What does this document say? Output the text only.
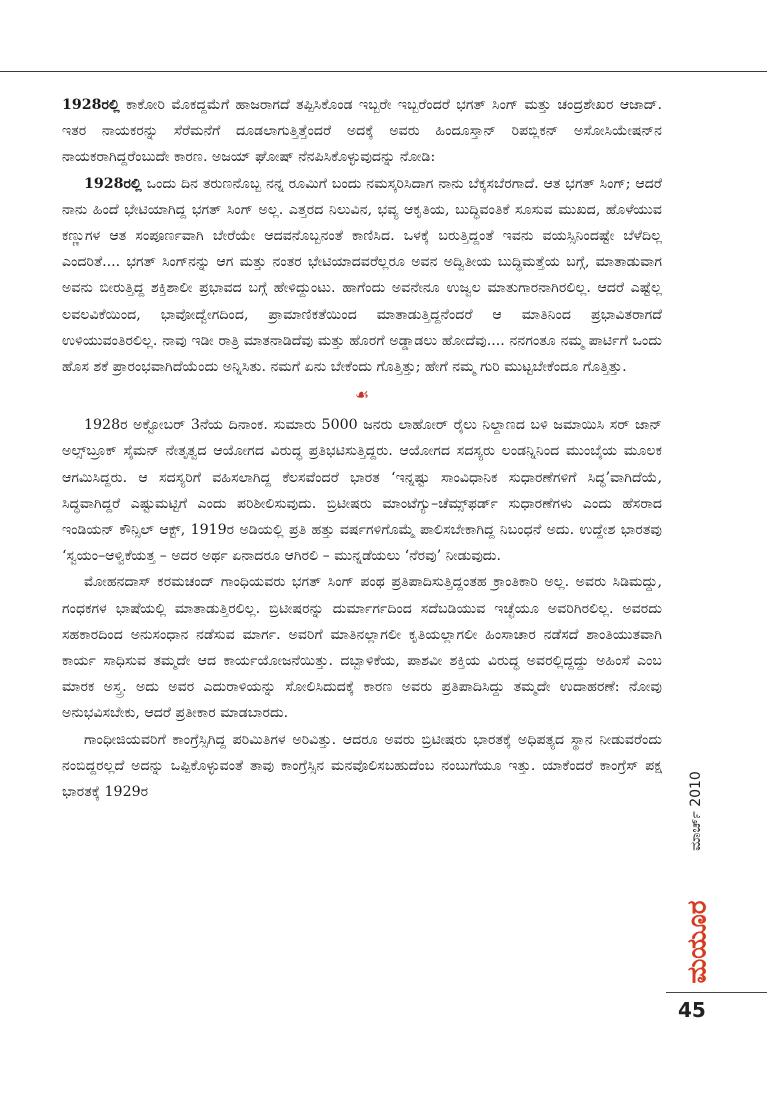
1928ರಲ್ಲಿ ಕಾಕೋರಿ ಮೊಕದ್ದಮೆಗೆ ಹಾಜರಾಗದೆ ತಪ್ಪಿಸಿಕೊಂಡ ಇಬ್ಬರೇ ಇಬ್ಬರೆಂದರೆ ಭಗತ್ ಸಿಂಗ್ ಮತ್ತು ಚಂದ್ರಶೇಖರ ಆಜಾದ್. ಇತರ ನಾಯಕರನ್ನು ಸೆರೆಮನೆಗೆ ದೂಡಲಾಗುತ್ತಿತ್ತೆಂದರೆ ಅದಕ್ಕೆ ಅವರು ಹಿಂದೂಸ್ತಾನ್ ರಿಪಬ್ಲಿಕನ್ ಅಸೋಸಿಯೇಷನ್‌ನ ನಾಯಕರಾಗಿದ್ದರೆಂಬುದೇ ಕಾರಣ. ಅಜಯ್ ಘೋಷ್ ನೆನಪಿಸಿಕೊಳ್ಳುವುದನ್ನು ನೋಡಿ:

1928ರಲ್ಲಿ ಒಂದು ದಿನ ತರುಣನೊಬ್ಬ ನನ್ನ ರೂಮಿಗೆ ಬಂದು ನಮಸ್ಕರಿಸಿದಾಗ ನಾನು ಬೆಕ್ಕಸಬೆರಗಾದೆ. ಆತ ಭಗತ್ ಸಿಂಗ್; ಆದರೆ ನಾನು ಹಿಂದೆ ಭೇಟಿಯಾಗಿದ್ದ ಭಗತ್ ಸಿಂಗ್ ಅಲ್ಲ. ಎತ್ತರದ ನಿಲುವಿನ, ಭವ್ಯ ಆಕೃತಿಯ, ಬುದ್ಧಿವಂತಿಕೆ ಸೂಸುವ ಮುಖದ, ಹೊಳೆಯುವ ಕಣ್ಣುಗಳ ಆತ ಸಂಪೂರ್ಣವಾಗಿ ಬೇರೆಯೇ ಆದವನೊಬ್ಬನಂತೆ ಕಾಣಿಸಿದ. ಒಳಕ್ಕೆ ಬರುತ್ತಿದ್ದಂತೆ ಇವನು ವಯಸ್ಸಿನಿಂದಷ್ಟೇ ಬೆಳೆದಿಲ್ಲ ಎಂದರಿತೆ.... ಭಗತ್ ಸಿಂಗ್‌ನನ್ನು ಆಗ ಮತ್ತು ನಂತರ ಭೇಟಿಯಾದವರೆಲ್ಲರೂ ಅವನ ಅದ್ವಿತೀಯ ಬುದ್ಧಿಮತ್ತೆಯ ಬಗ್ಗೆ, ಮಾತಾಡುವಾಗ ಅವನು ಬೀರುತ್ತಿದ್ದ ಶಕ್ತಿಶಾಲೀ ಪ್ರಭಾವದ ಬಗ್ಗೆ ಹೇಳಿದ್ದುಂಟು. ಹಾಗೆಂದು ಅವನೇನೂ ಉಜ್ವಲ ಮಾತುಗಾರನಾಗಿರಲಿಲ್ಲ. ಆದರೆ ಎಷ್ಟೆಲ್ಲ ಲವಲವಿಕೆಯಿಂದ, ಭಾವೋದ್ವೇಗದಿಂದ, ಪ್ರಾಮಾಣಿಕತೆಯಿಂದ ಮಾತಾಡುತ್ತಿದ್ದನೆಂದರೆ ಆ ಮಾತಿನಿಂದ ಪ್ರಭಾವಿತರಾಗದೆ ಉಳಿಯುವಂತಿರಲಿಲ್ಲ. ನಾವು ಇಡೀ ರಾತ್ರಿ ಮಾತನಾಡಿದೆವು ಮತ್ತು ಹೊರಗೆ ಅಡ್ಡಾಡಲು ಹೋದೆವು.... ನನಗಂತೂ ನಮ್ಮ ಪಾರ್ಟಿಗೆ ಒಂದು ಹೊಸ ಶಕೆ ಪ್ರಾರಂಭವಾಗಿದೆಯೆಂದು ಅನ್ನಿಸಿತು. ನಮಗೆ ಏನು ಬೇಕೆಂದು ಗೊತ್ತಿತ್ತು; ಹೇಗೆ ನಮ್ಮ ಗುರಿ ಮುಟ್ಟಬೇಕೆಂದೂ ಗೊತ್ತಿತ್ತು.

☙

1928ರ ಅಕ್ಟೋಬರ್ 3ನೆಯ ದಿನಾಂಕ. ಸುಮಾರು 5000 ಜನರು ಲಾಹೋರ್ ರೈಲು ನಿಲ್ದಾಣದ ಬಳಿ ಜಮಾಯಿಸಿ ಸರ್ ಜಾನ್ ಅಲ್ಸ್‌ಬ್ರೂಕ್ ಸೈಮನ್ ನೇತೃತ್ವದ ಆಯೋಗದ ವಿರುದ್ಧ ಪ್ರತಿಭಟಿಸುತ್ತಿದ್ದರು. ಆಯೋಗದ ಸದಸ್ಯರು ಲಂಡನ್ನಿನಿಂದ ಮುಂಬೈಯ ಮೂಲಕ ಆಗಮಿಸಿದ್ದರು. ಆ ಸದಸ್ಯರಿಗೆ ವಹಿಸಲಾಗಿದ್ದ ಕೆಲಸವೆಂದರೆ ಭಾರತ ‘ಇನ್ನಷ್ಟು ಸಾಂವಿಧಾನಿಕ ಸುಧಾರಣೆಗಳಿಗೆ ಸಿದ್ಧ’ವಾಗಿದೆಯೆ, ಸಿದ್ಧವಾಗಿದ್ದರೆ ಎಷ್ಟುಮಟ್ಟಿಗೆ ಎಂದು ಪರಿಶೀಲಿಸುವುದು. ಬ್ರಿಟೀಷರು ಮಾಂಟೆಗ್ಯು–ಚೆಮ್ಸ್‌ಫರ್ಡ್ ಸುಧಾರಣೆಗಳು ಎಂದು ಹೆಸರಾದ ಇಂಡಿಯನ್ ಕೌನ್ಸಿಲ್ ಆಕ್ಟ್, 1919ರ ಅಡಿಯಲ್ಲಿ ಪ್ರತಿ ಹತ್ತು ವರ್ಷಗಳಿಗೊಮ್ಮೆ ಪಾಲಿಸಬೇಕಾಗಿದ್ದ ನಿಬಂಧನೆ ಅದು. ಉದ್ದೇಶ ಭಾರತವು ‘ಸ್ವಯಂ–ಆಳ್ವಿಕೆಯತ್ತ – ಅದರ ಅರ್ಥ ಏನಾದರೂ ಆಗಿರಲಿ – ಮುನ್ನಡೆಯಲು ‘ನೆರವು’ ನೀಡುವುದು.

ಮೋಹನದಾಸ್ ಕರಮಚಂದ್ ಗಾಂಧಿಯವರು ಭಗತ್ ಸಿಂಗ್ ಪಂಥ ಪ್ರತಿಪಾದಿಸುತ್ತಿದ್ದಂತಹ ಕ್ರಾಂತಿಕಾರಿ ಅಲ್ಲ. ಅವರು ಸಿಡಿಮದ್ದು, ಗಂಧಕಗಳ ಭಾಷೆಯಲ್ಲಿ ಮಾತಾಡುತ್ತಿರಲಿಲ್ಲ. ಬ್ರಿಟೀಷರನ್ನು ದುರ್ಮಾರ್ಗದಿಂದ ಸದೆಬಡಿಯುವ ಇಚ್ಛೆಯೂ ಅವರಿಗಿರಲಿಲ್ಲ. ಅವರದು ಸಹಕಾರದಿಂದ ಅನುಸಂಧಾನ ನಡೆಸುವ ಮಾರ್ಗ. ಅವರಿಗೆ ಮಾತಿನಲ್ಲಾಗಲೀ ಕೃತಿಯಲ್ಲಾಗಲೀ ಹಿಂಸಾಚಾರ ನಡೆಸದೆ ಶಾಂತಿಯುತವಾಗಿ ಕಾರ್ಯ ಸಾಧಿಸುವ ತಮ್ಮದೇ ಆದ ಕಾರ್ಯಯೋಜನೆಯಿತ್ತು. ದಬ್ಬಾಳಿಕೆಯ, ಪಾಶವೀ ಶಕ್ತಿಯ ವಿರುದ್ಧ ಅವರಲ್ಲಿದ್ದದ್ದು ಅಹಿಂಸೆ ಎಂಬ ಮಾರಕ ಅಸ್ತ್ರ. ಅದು ಅವರ ಎದುರಾಳಿಯನ್ನು ಸೋಲಿಸಿದುದಕ್ಕೆ ಕಾರಣ ಅವರು ಪ್ರತಿಪಾದಿಸಿದ್ದು ತಮ್ಮದೇ ಉದಾಹರಣೆ: ನೋವು ಅನುಭವಿಸಬೇಕು, ಆದರೆ ಪ್ರತೀಕಾರ ಮಾಡಬಾರದು.

ಗಾಂಧೀಜಿಯವರಿಗೆ ಕಾಂಗ್ರೆಸ್ಸಿಗಿದ್ದ ಪರಿಮಿತಿಗಳ ಅರಿವಿತ್ತು. ಆದರೂ ಅವರು ಬ್ರಿಟೀಷರು ಭಾರತಕ್ಕೆ ಅಧಿಪತ್ಯದ ಸ್ಥಾನ ನೀಡುವರೆಂದು ನಂಬಿದ್ದರಲ್ಲದೆ ಅದನ್ನು ಒಪ್ಪಿಕೊಳ್ಳುವಂತೆ ತಾವು ಕಾಂಗ್ರೆಸ್ಸಿನ ಮನವೊಲಿಸಬಹುದೆಂಬ ನಂಬುಗೆಯೂ ಇತ್ತು. ಯಾಕೆಂದರೆ ಕಾಂಗ್ರೆಸ್ ಪಕ್ಷ ಭಾರತಕ್ಕೆ 1929ರ	ಮಾರ್ಚ್ 2010
ಮಯೂರ
45
